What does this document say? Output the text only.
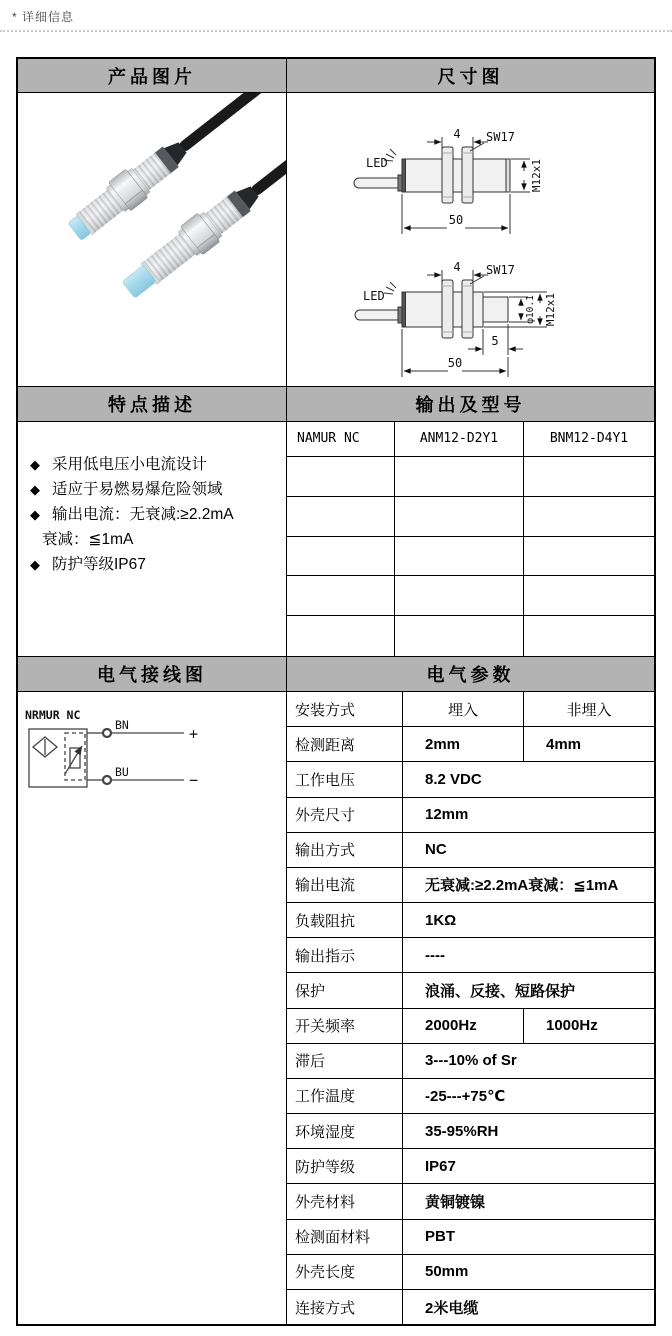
* 详细信息
产品图片	尺寸图
LED
4 SW17
M12x1
50
LED
4 SW17
φ10.1 M12x1
5
50
特点描述	输出及型号
◆ 采用低电压小电流设计
◆ 适应于易燃易爆危险领域
◆ 输出电流：无衰减:≥2.2mA
衰减：≦1mA
◆ 防护等级IP67
NAMUR NC	ANM12-D2Y1	BNM12-D4Y1
电气接线图	电气参数
NRMUR NC
BN
BU
+
−
安装方式	埋入	非埋入
检测距离	2mm	4mm
工作电压	8.2 VDC
外壳尺寸	12mm
输出方式	NC
输出电流	无衰减:≥2.2mA衰减：≦1mA
负载阻抗	1KΩ
输出指示	----
保护	浪涌、反接、短路保护
开关频率	2000Hz	1000Hz
滞后	3---10% of Sr
工作温度	-25---+75℃
环境湿度	35-95%RH
防护等级	IP67
外壳材料	黄铜镀镍
检测面材料	PBT
外壳长度	50mm
连接方式	2米电缆
